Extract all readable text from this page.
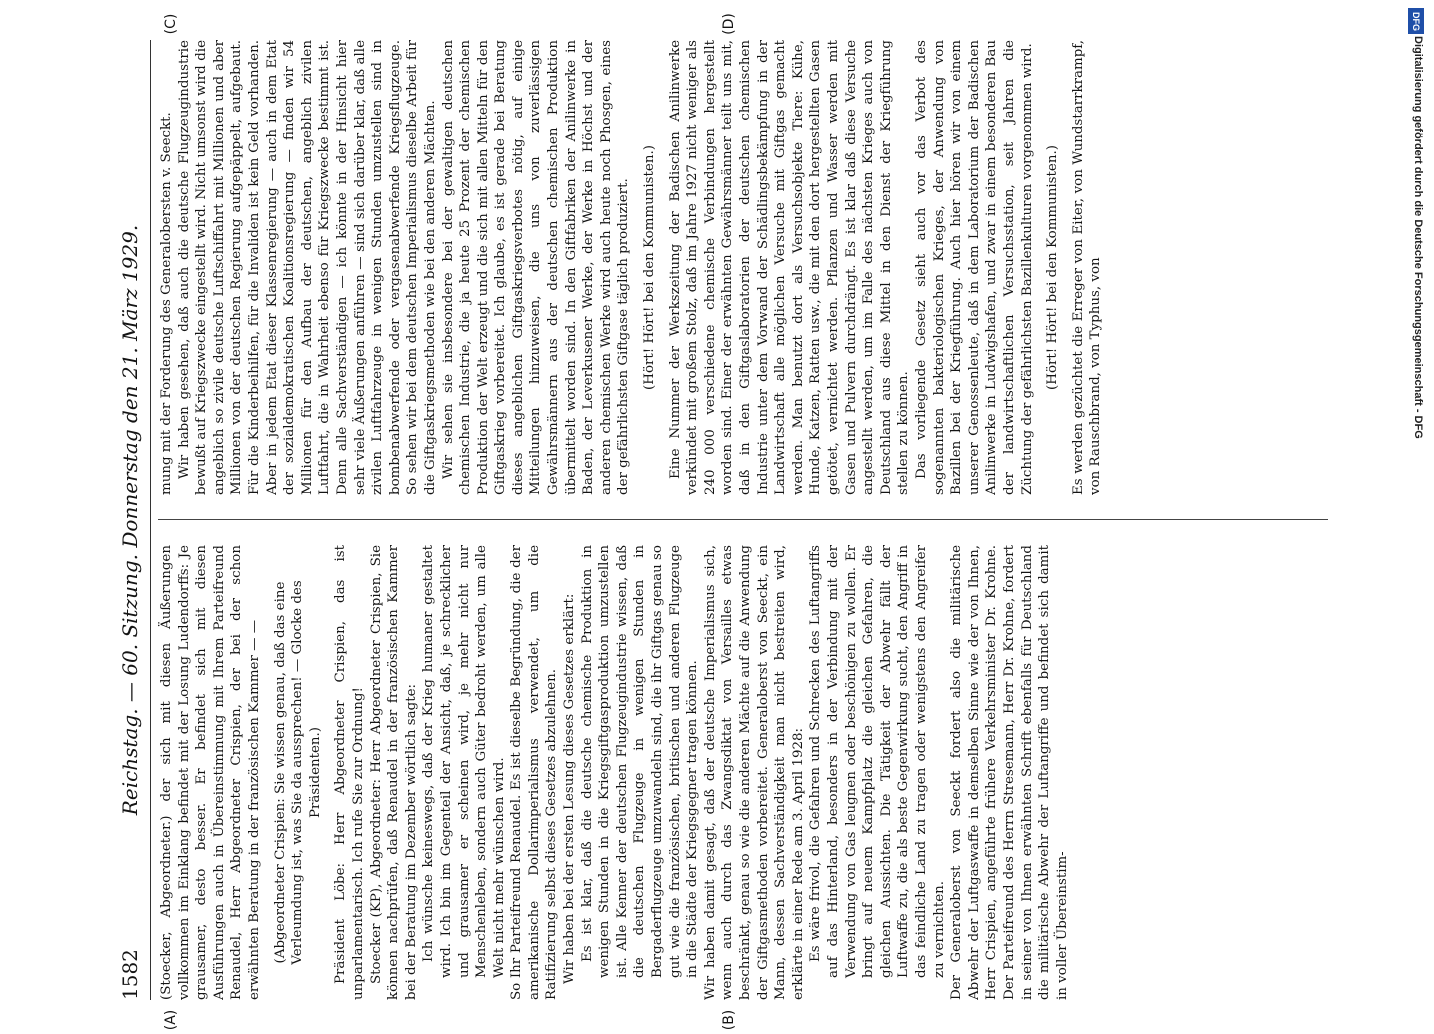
1582
Reichstag. — 60. Sitzung. Donnerstag den 21. März 1929.
(A)	(B)
(C)	(D)

(Stoecker, Abgeordneter.) der sich mit diesen Äußerungen vollkommen im Einklang befindet mit der Losung Ludendorffs: Je grausamer, desto besser. Er befindet sich mit diesen Ausführungen auch in Übereinstimmung mit Ihrem Parteifreund Renaudel, Herr Abgeordneter Crispien, der bei der schon erwähnten Beratung in der französischen Kammer — — (Abgeordneter Crispien: Sie wissen genau, daß das eine Verleumdung ist, was Sie da aussprechen! — Glocke des Präsidenten.) Präsident Löbe: Herr Abgeordneter Crispien, das ist unparlamentarisch. Ich rufe Sie zur Ordnung! Stoecker (KP), Abgeordneter: Herr Abgeordneter Crispien, Sie können nachprüfen, daß Renaudel in der französischen Kammer bei der Beratung im Dezember wörtlich sagte: Ich wünsche keineswegs, daß der Krieg humaner gestaltet wird. Ich bin im Gegenteil der Ansicht, daß, je schrecklicher und grausamer er scheinen wird, je mehr nicht nur Menschenleben, sondern auch Güter bedroht werden, um alle Welt nicht mehr wünschen wird. So Ihr Parteifreund Renaudel. Es ist dieselbe Begründung, die der amerikanische Dollarimperialismus verwendet, um die Ratifizierung selbst dieses Gesetzes abzulehnen. Wir haben bei der ersten Lesung dieses Gesetzes erklärt: Es ist klar, daß die deutsche chemische Produktion in wenigen Stunden in die Kriegsgiftgasproduktion umzustellen ist. Alle Kenner der deutschen Flugzeugindustrie wissen, daß die deutschen Flugzeuge in wenigen Stunden in Bergaderflugzeuge umzuwandeln sind, die ihr Giftgas genau so gut wie die französischen, britischen und anderen Flugzeuge in die Städte der Kriegsgegner tragen können. Wir haben damit gesagt, daß der deutsche Imperialismus sich, wenn auch durch das Zwangsdiktat von Versailles etwas beschränkt, genau so wie die anderen Mächte auf die Anwendung der Giftgasmethoden vorbereitet. Generaloberst von Seeckt, ein Mann, dessen Sachverständigkeit man nicht bestreiten wird, erklärte in einer Rede am 3. April 1928: Es wäre frivol, die Gefahren und Schrecken des Luftangriffs auf das Hinterland, besonders in der Verbindung mit der Verwendung von Gas leugnen oder beschönigen zu wollen. Er bringt auf neuem Kampfplatz die gleichen Gefahren, die gleichen Aussichten. Die Tätigkeit der Abwehr fällt der Luftwaffe zu, die als beste Gegenwirkung sucht, den Angriff in das feindliche Land zu tragen oder wenigstens den Angreifer zu vernichten. Der Generaloberst von Seeckt fordert also die militärische Abwehr der Luftgaswaffe in demselben Sinne wie der von Ihnen, Herr Crispien, angeführte frühere Verkehrsminister Dr. Krohne. Der Parteifreund des Herrn Stresemann, Herr Dr. Krohne, fordert in seiner von Ihnen erwähnten Schrift ebenfalls für Deutschland die militärische Abwehr der Luftangriffe und befindet sich damit in voller Übereinstim-

mung mit der Forderung des Generalobersten v. Seeckt. Wir haben gesehen, daß auch die deutsche Flugzeugindustrie bewußt auf Kriegszwecke eingestellt wird. Nicht umsonst wird die angeblich so zivile deutsche Luftschiffahrt mit Millionen und aber Millionen von der deutschen Regierung aufgepäppelt, aufgebaut. Für die Kinderbeihilfen, für die Invaliden ist kein Geld vorhanden. Aber in jedem Etat dieser Klassenregierung — auch in dem Etat der sozialdemokratischen Koalitionsregierung — finden wir 54 Millionen für den Aufbau der deutschen, angeblich zivilen Luftfahrt, die in Wahrheit ebenso für Kriegszwecke bestimmt ist. Denn alle Sachverständigen — ich könnte in der Hinsicht hier sehr viele Äußerungen anführen — sind sich darüber klar, daß alle zivilen Luftfahrzeuge in wenigen Stunden umzustellen sind in bombenabwerfende oder vergasenabwerfende Kriegsflugzeuge. So sehen wir bei dem deutschen Imperialismus dieselbe Arbeit für die Giftgaskriegsmethoden wie bei den anderen Mächten. Wir sehen sie insbesondere bei der gewaltigen deutschen chemischen Industrie, die ja heute 25 Prozent der chemischen Produktion der Welt erzeugt und die sich mit allen Mitteln für den Giftgaskrieg vorbereitet. Ich glaube, es ist gerade bei Beratung dieses angeblichen Giftgaskriegsverbotes nötig, auf einige Mitteilungen hinzuweisen, die uns von zuverlässigen Gewährsmännern aus der deutschen chemischen Produktion übermittelt worden sind. In den Giftfabriken der Anilinwerke in Baden, der Leverkusener Werke, der Werke in Höchst und der anderen chemischen Werke wird auch heute noch Phosgen, eines der gefährlichsten Giftgase täglich produziert. (Hört! Hört! bei den Kommunisten.) Eine Nummer der Werkszeitung der Badischen Anilinwerke verkündet mit großem Stolz, daß im Jahre 1927 nicht weniger als 240 000 verschiedene chemische Verbindungen hergestellt worden sind. Einer der erwähnten Gewährsmänner teilt uns mit, daß in den Giftgaslaboratorien der deutschen chemischen Industrie unter dem Vorwand der Schädlingsbekämpfung in der Landwirtschaft alle möglichen Versuche mit Giftgas gemacht werden. Man benutzt dort als Versuchsobjekte Tiere: Kühe, Hunde, Katzen, Ratten usw., die mit den dort hergestellten Gasen getötet, vernichtet werden. Pflanzen und Wasser werden mit Gasen und Pulvern durchdrängt. Es ist klar daß diese Versuche angestellt werden, um im Falle des nächsten Krieges auch von Deutschland aus diese Mittel in den Dienst der Kriegführung stellen zu können. Das vorliegende Gesetz sieht auch vor das Verbot des sogenannten bakteriologischen Krieges, der Anwendung von Bazillen bei der Kriegführung. Auch hier hören wir von einem unserer Genossenleute, daß in dem Laboratorium der Badischen Anilinwerke in Ludwigshafen, und zwar in einem besonderen Bau der landwirtschaftlichen Versuchsstation, seit Jahren die Züchtung der gefährlichsten Bazillenkulturen vorgenommen wird. (Hört! Hört! bei den Kommunisten.) Es werden gezüchtet die Erreger von Eiter, von Wundstarrkrampf, von Rauschbrand, von Typhus, von

DFG
Digitalisierung gefördert durch die Deutsche Forschungsgemeinschaft - DFG
